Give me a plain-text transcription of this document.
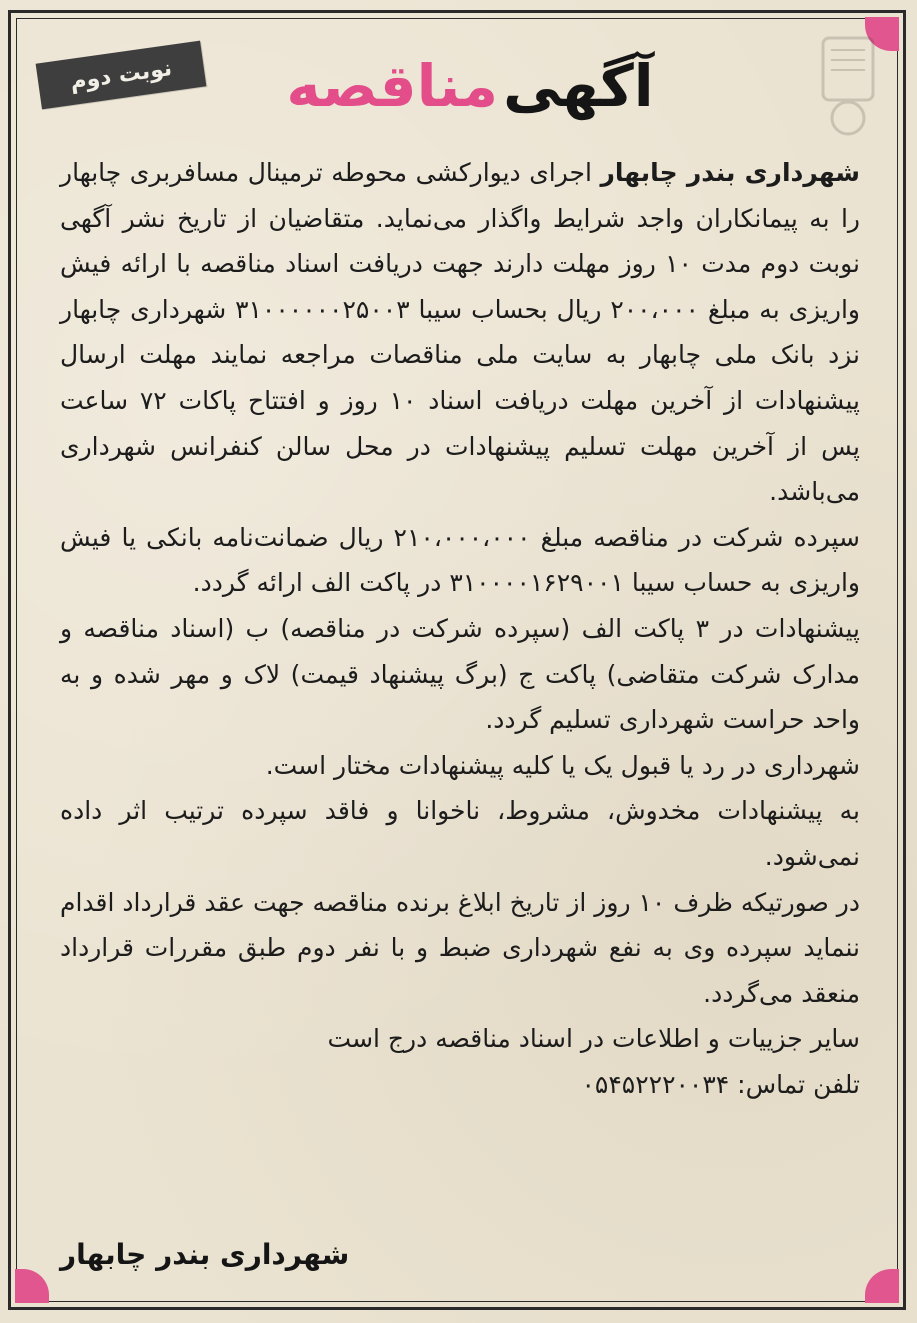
نوبت دوم	آگهی مناقصه

شهرداری بندر چابهار اجرای دیوارکشی محوطه ترمینال مسافربری چابهار را به پیمانکاران واجد شرایط واگذار می‌نماید. متقاضیان از تاریخ نشر آگهی نوبت دوم مدت ۱۰ روز مهلت دارند جهت دریافت اسناد مناقصه با ارائه فیش واریزی به مبلغ ۲۰۰،۰۰۰ ریال بحساب سیبا ۳۱۰۰۰۰۰۰۲۵۰۰۳ شهرداری چابهار نزد بانک ملی چابهار به سایت ملی مناقصات مراجعه نمایند مهلت ارسال پیشنهادات از آخرین مهلت دریافت اسناد ۱۰ روز و افتتاح پاکات ۷۲ ساعت پس از آخرین مهلت تسلیم پیشنهادات در محل سالن کنفرانس شهرداری می‌باشد.

سپرده شرکت در مناقصه مبلغ ۲۱۰،۰۰۰،۰۰۰ ریال ضمانت‌نامه بانکی یا فیش واریزی به حساب سیبا ۳۱۰۰۰۰۱۶۲۹۰۰۱ در پاکت الف ارائه گردد.

پیشنهادات در ۳ پاکت الف (سپرده شرکت در مناقصه) ب (اسناد مناقصه و مدارک شرکت متقاضی) پاکت ج (برگ پیشنهاد قیمت) لاک و مهر شده و به واحد حراست شهرداری تسلیم گردد.

شهرداری در رد یا قبول یک یا کلیه پیشنهادات مختار است.

به پیشنهادات مخدوش، مشروط، ناخوانا و فاقد سپرده ترتیب اثر داده نمی‌شود.

در صورتیکه ظرف ۱۰ روز از تاریخ ابلاغ برنده مناقصه جهت عقد قرارداد اقدام ننماید سپرده وی به نفع شهرداری ضبط و با نفر دوم طبق مقررات قرارداد منعقد می‌گردد.

سایر جزییات و اطلاعات در اسناد مناقصه درج است

تلفن تماس: ۰۵۴۵۲۲۲۰۰۳۴

شهرداری بندر چابهار
